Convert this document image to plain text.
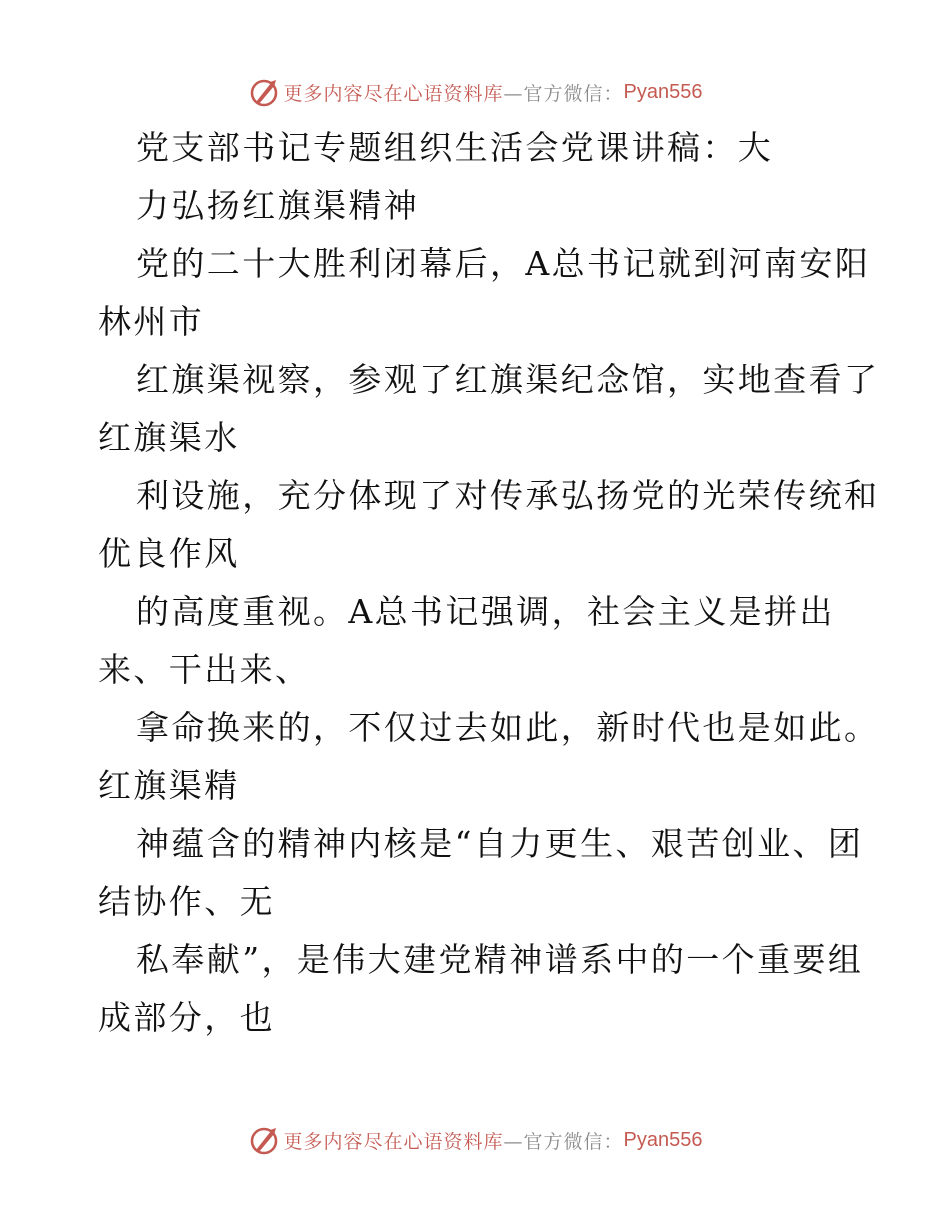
更多内容尽在心语资料库 —官方微信： Pyan556
党支部书记专题组织生活会党课讲稿：大
力弘扬红旗渠精神
党的二十大胜利闭幕后，A总书记就到河南安阳
林州市
红旗渠视察，参观了红旗渠纪念馆，实地查看了
红旗渠水
利设施，充分体现了对传承弘扬党的光荣传统和
优良作风
的高度重视。A总书记强调，社会主义是拼出
来、干出来、
拿命换来的，不仅过去如此，新时代也是如此。
红旗渠精
神蕴含的精神内核是“自力更生、艰苦创业、团
结协作、无
私奉献”，是伟大建党精神谱系中的一个重要组
成部分，也
更多内容尽在心语资料库 —官方微信： Pyan556
